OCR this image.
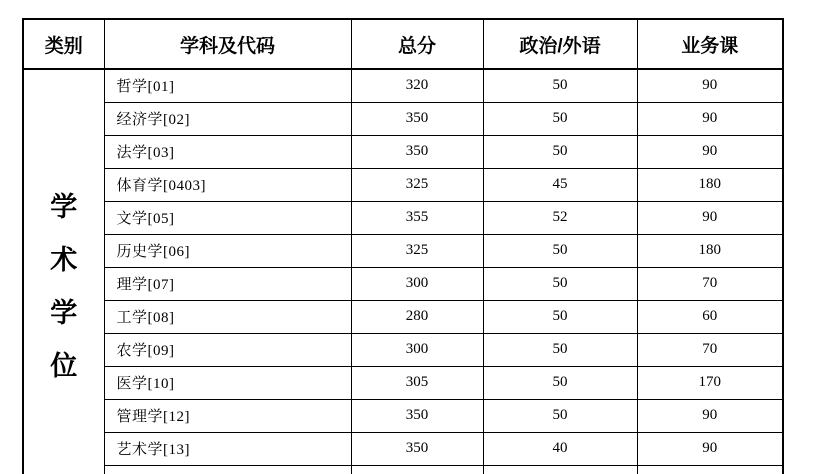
类别	学科及代码	总分	政治/外语	业务课

学
术
学
位	哲学[01]	320	50	90
	经济学[02]	350	50	90
	法学[03]	350	50	90
	体育学[0403]	325	45	180
	文学[05]	355	52	90
	历史学[06]	325	50	180
	理学[07]	300	50	70
	工学[08]	280	50	60
	农学[09]	300	50	70
	医学[10]	305	50	170
	管理学[12]	350	50	90
	艺术学[13]	350	40	90
